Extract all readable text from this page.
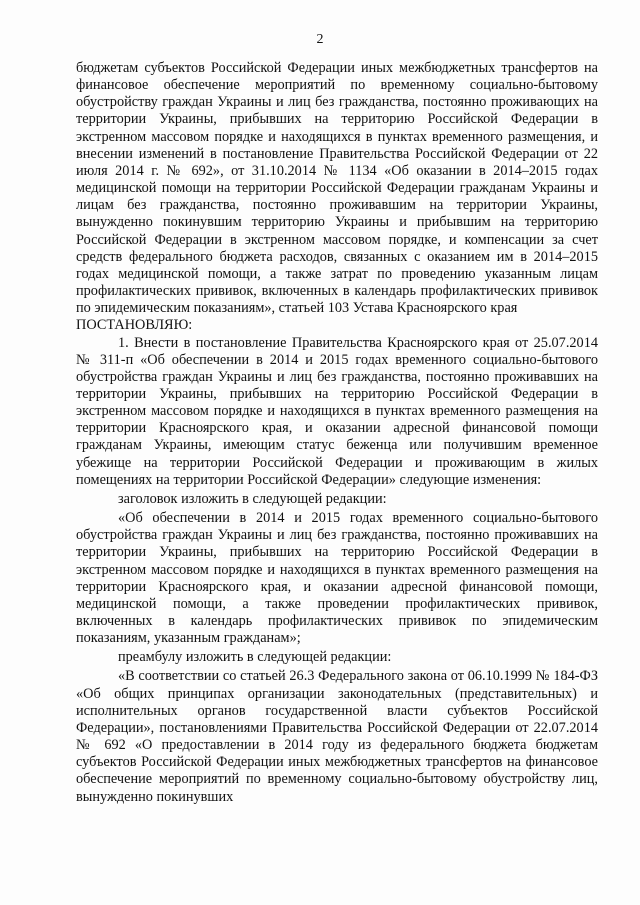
2

бюджетам субъектов Российской Федерации иных межбюджетных трансфертов на финансовое обеспечение мероприятий по временному социально-бытовому обустройству граждан Украины и лиц без гражданства, постоянно проживающих на территории Украины, прибывших на территорию Российской Федерации в экстренном массовом порядке и находящихся в пунктах временного размещения, и внесении изменений в постановление Правительства Российской Федерации от 22 июля 2014 г. № 692», от 31.10.2014 № 1134 «Об оказании в 2014–2015 годах медицинской помощи на территории Российской Федерации гражданам Украины и лицам без гражданства, постоянно проживавшим на территории Украины, вынужденно покинувшим территорию Украины и прибывшим на территорию Российской Федерации в экстренном массовом порядке, и компенсации за счет средств федерального бюджета расходов, связанных с оказанием им в 2014–2015 годах медицинской помощи, а также затрат по проведению указанным лицам профилактических прививок, включенных в календарь профилактических прививок по эпидемическим показаниям», статьей 103 Устава Красноярского края

ПОСТАНОВЛЯЮ:

1. Внести в постановление Правительства Красноярского края от 25.07.2014 № 311-п «Об обеспечении в 2014 и 2015 годах временного социально-бытового обустройства граждан Украины и лиц без гражданства, постоянно проживавших на территории Украины, прибывших на территорию Российской Федерации в экстренном массовом порядке и находящихся в пунктах временного размещения на территории Красноярского края, и оказании адресной финансовой помощи гражданам Украины, имеющим статус беженца или получившим временное убежище на территории Российской Федерации и проживающим в жилых помещениях на территории Российской Федерации» следующие изменения:

заголовок изложить в следующей редакции:

«Об обеспечении в 2014 и 2015 годах временного социально-бытового обустройства граждан Украины и лиц без гражданства, постоянно проживавших на территории Украины, прибывших на территорию Российской Федерации в экстренном массовом порядке и находящихся в пунктах временного размещения на территории Красноярского края, и оказании адресной финансовой помощи, медицинской помощи, а также проведении профилактических прививок, включенных в календарь профилактических прививок по эпидемическим показаниям, указанным гражданам»;

преамбулу изложить в следующей редакции:

«В соответствии со статьей 26.3 Федерального закона от 06.10.1999 № 184-ФЗ «Об общих принципах организации законодательных (представительных) и исполнительных органов государственной власти субъектов Российской Федерации», постановлениями Правительства Российской Федерации от 22.07.2014 № 692 «О предоставлении в 2014 году из федерального бюджета бюджетам субъектов Российской Федерации иных межбюджетных трансфертов на финансовое обеспечение мероприятий по временному социально-бытовому обустройству лиц, вынужденно покинувших
